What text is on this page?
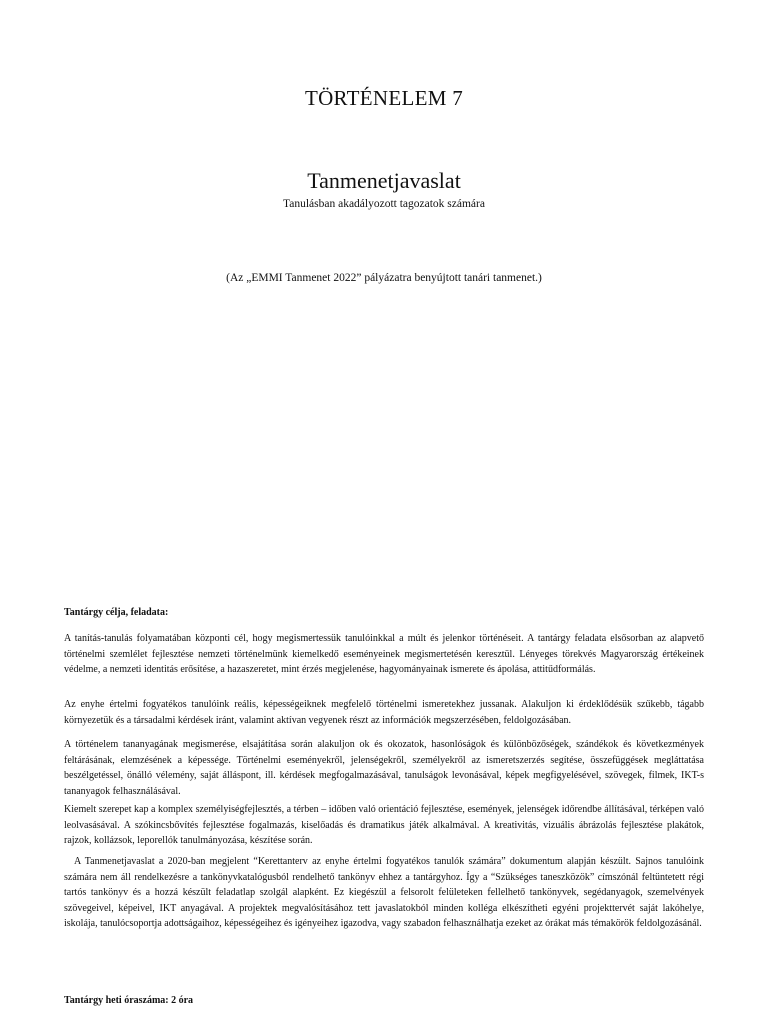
TÖRTÉNELEM 7
Tanmenetjavaslat
Tanulásban akadályozott tagozatok számára
(Az „EMMI Tanmenet 2022” pályázatra benyújtott tanári tanmenet.)
Tantárgy célja, feladata:

A tanítás-tanulás folyamatában központi cél, hogy megismertessük tanulóinkkal a múlt és jelenkor történéseit. A tantárgy feladata elsősorban az alapvető történelmi szemlélet fejlesztése nemzeti történelmünk kiemelkedő eseményeinek megismertetésén keresztül. Lényeges törekvés Magyarország értékeinek védelme, a nemzeti identitás erősítése, a hazaszeretet, mint érzés megjelenése, hagyományainak ismerete és ápolása, attitűdformálás.

Az enyhe értelmi fogyatékos tanulóink reális, képességeiknek megfelelő történelmi ismeretekhez jussanak. Alakuljon ki érdeklődésük szűkebb, tágabb környezetük és a társadalmi kérdések iránt, valamint aktívan vegyenek részt az információk megszerzésében, feldolgozásában.

A történelem tananyagának megismerése, elsajátítása során alakuljon ok és okozatok, hasonlóságok és különbözőségek, szándékok és következmények feltárásának, elemzésének a képessége. Történelmi eseményekről, jelenségekről, személyekről az ismeretszerzés segítése, összefüggések megláttatása beszélgetéssel, önálló vélemény, saját álláspont, ill. kérdések megfogalmazásával, tanulságok levonásával, képek megfigyelésével, szövegek, filmek, IKT-s tananyagok felhasználásával.

Kiemelt szerepet kap a komplex személyiségfejlesztés, a térben – időben való orientáció fejlesztése, események, jelenségek időrendbe állításával, térképen való leolvasásával. A szókincsbővítés fejlesztése fogalmazás, kiselőadás és dramatikus játék alkalmával. A kreativitás, vizuális ábrázolás fejlesztése plakátok, rajzok, kollázsok, leporellók tanulmányozása, készítése során.

A Tanmenetjavaslat a 2020-ban megjelent “Kerettanterv az enyhe értelmi fogyatékos tanulók számára” dokumentum alapján készült. Sajnos tanulóink számára nem áll rendelkezésre a tankönyvkatalógusból rendelhető tankönyv ehhez a tantárgyhoz. Így a “Szükséges taneszközök” címszónál feltüntetett régi tartós tankönyv és a hozzá készült feladatlap szolgál alapként. Ez kiegészül a felsorolt felületeken fellelhető tankönyvek, segédanyagok, szemelvények szövegeivel, képeivel, IKT anyagával. A projektek megvalósításához tett javaslatokból minden kolléga elkészítheti egyéni projekttervét saját lakóhelye, iskolája, tanulócsoportja adottságaihoz, képességeihez és igényeihez igazodva, vagy szabadon felhasználhatja ezeket az órákat más témakörök feldolgozásánál.

Tantárgy heti óraszáma: 2 óra
